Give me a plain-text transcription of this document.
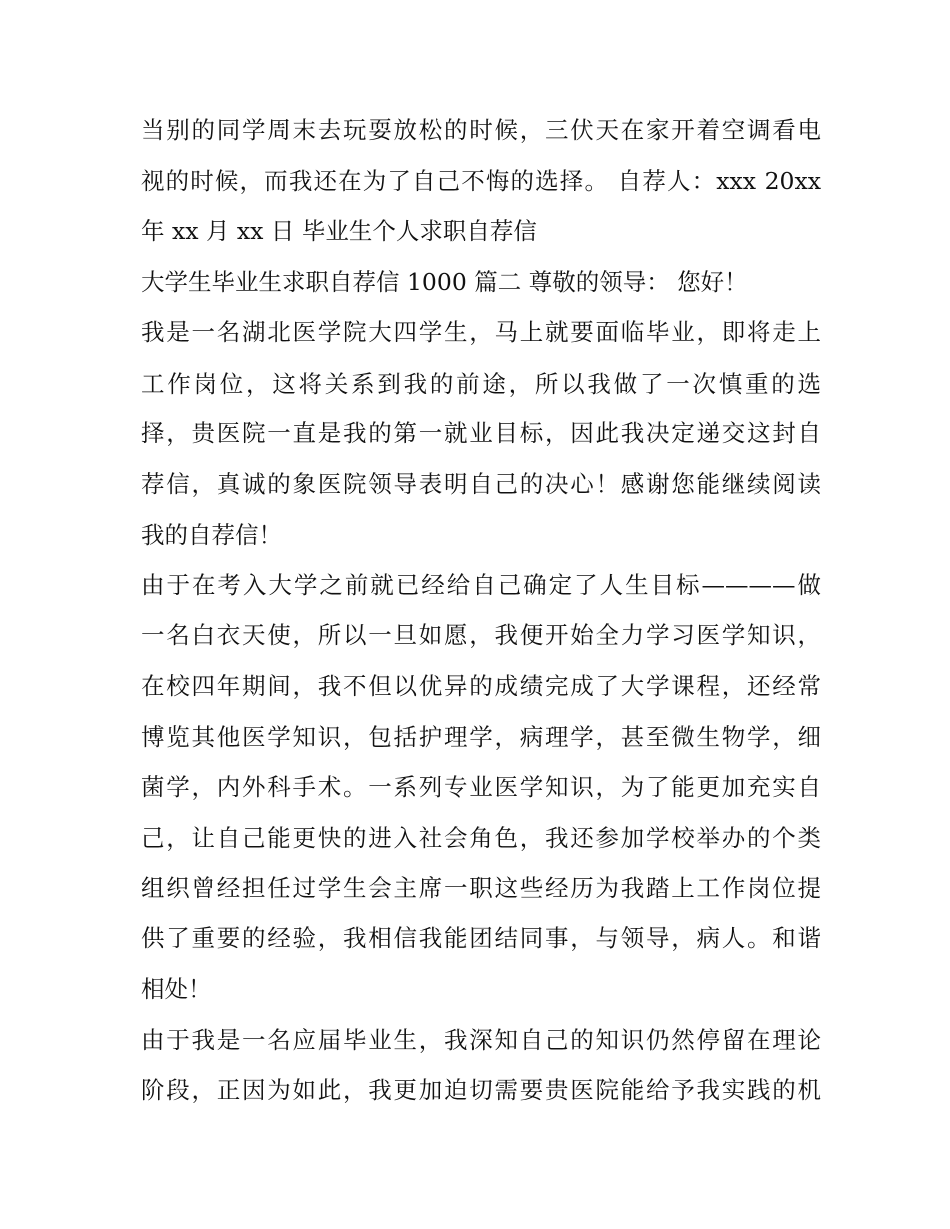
当别的同学周末去玩耍放松的时候，三伏天在家开着空调看电
视的时候，而我还在为了自己不悔的选择。 自荐人：xxx 20xx
年 xx 月 xx 日 毕业生个人求职自荐信
大学生毕业生求职自荐信 1000 篇二 尊敬的领导： 您好！
我是一名湖北医学院大四学生，马上就要面临毕业，即将走上
工作岗位，这将关系到我的前途，所以我做了一次慎重的选
择，贵医院一直是我的第一就业目标，因此我决定递交这封自
荐信，真诚的象医院领导表明自己的决心！感谢您能继续阅读
我的自荐信！
由于在考入大学之前就已经给自己确定了人生目标————做
一名白衣天使，所以一旦如愿，我便开始全力学习医学知识，
在校四年期间，我不但以优异的成绩完成了大学课程，还经常
博览其他医学知识，包括护理学，病理学，甚至微生物学，细
菌学，内外科手术。一系列专业医学知识，为了能更加充实自
己，让自己能更快的进入社会角色，我还参加学校举办的个类
组织曾经担任过学生会主席一职这些经历为我踏上工作岗位提
供了重要的经验，我相信我能团结同事，与领导，病人。和谐
相处！
由于我是一名应届毕业生，我深知自己的知识仍然停留在理论
阶段，正因为如此，我更加迫切需要贵医院能给予我实践的机
